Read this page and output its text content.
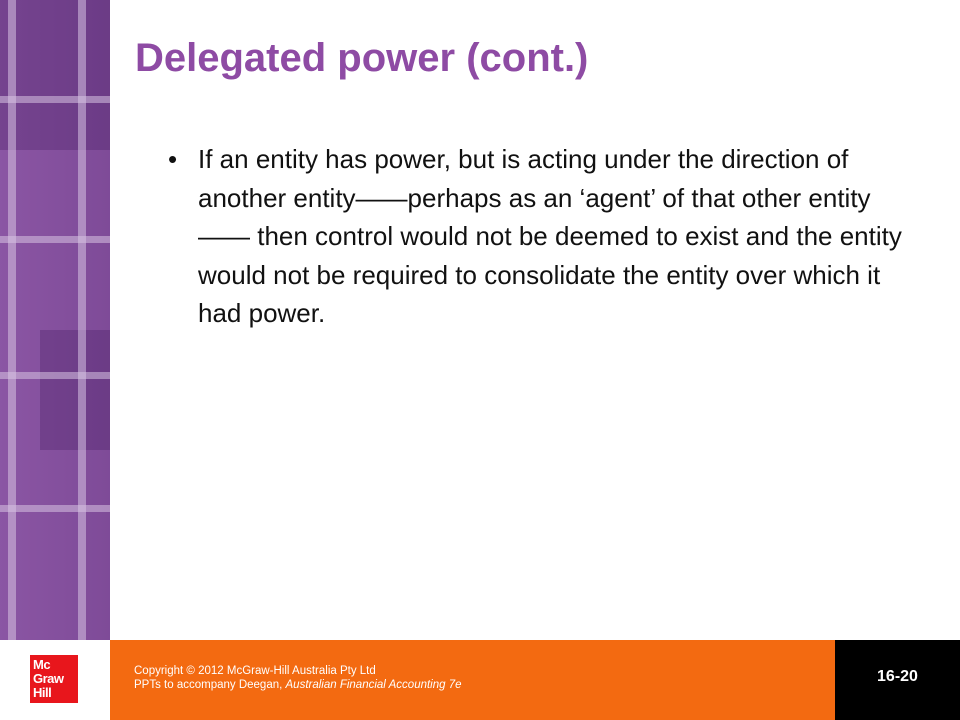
Delegated power (cont.)
• If an entity has power, but is acting under the direction of another entity——perhaps as an ‘agent’ of that other entity—— then control would not be deemed to exist and the entity would not be required to consolidate the entity over which it had power.
Mc
Graw
Hill
Copyright © 2012 McGraw-Hill Australia Pty Ltd
PPTs to accompany Deegan, Australian Financial Accounting 7e	16-20
